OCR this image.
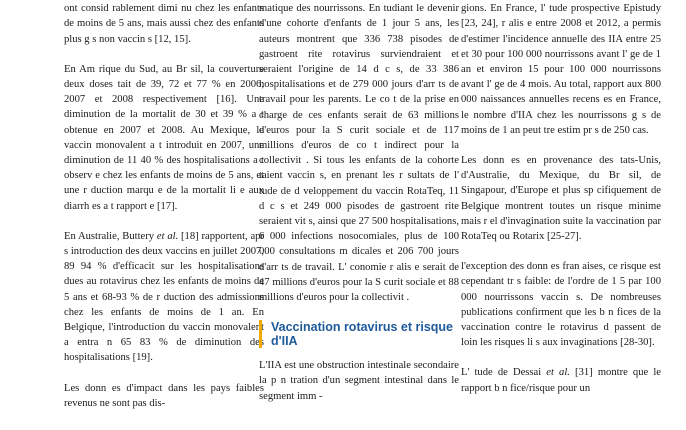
ont consid rablement dimi nu chez les enfants de moins de 5 ans, mais aussi chez des enfants plus g s non vaccin s [12, 15].

En Am rique du Sud, au Br sil, la couverture deux doses tait de 39, 72 et 77 % en 2006, 2007 et 2008 respectivement [16]. Une diminution de la mortalit de 30 et 39 % a t obtenue en 2007 et 2008. Au Mexique, le vaccin monovalent a t introduit en 2007, une diminution de 11 40 % des hospitalisations a t observ e chez les enfants de moins de 5 ans, et une r duction marqu e de la mortalit li e aux diarrh es a t rapport e [17].

En Australie, Buttery et al. [18] rapportent, apr s introduction des deux vaccins en juillet 2007, 89 94 % d'efficacit sur les hospitalisations dues au rotavirus chez les enfants de moins de 5 ans et 68-93 % de r duction des admissions chez les enfants de moins de 1 an. En Belgique, l'introduction du vaccin monovalent a entra n 65 83 % de diminution des hospitalisations [19].

Les donn es d'impact dans les pays faibles revenus ne sont pas dis-

matique des nourrissons. En tudiant le devenir d'une cohorte d'enfants de 1 jour 5 ans, les auteurs montrent que 336 738 pisodes de gastroent rite rotavirus surviendraient et seraient l'origine de 14 d c s, de 33 386 hospitalisations et de 279 000 jours d'arr ts de travail pour les parents. Le co t de la prise en charge de ces enfants serait de 63 millions d'euros pour la S curit sociale et de 117 millions d'euros de co t indirect pour la collectivit . Si tous les enfants de la cohorte taient vaccin s, en prenant les r sultats de l' tude de d veloppement du vaccin RotaTeq, 11 d c s et 249 000 pisodes de gastroent rite seraient vit s, ainsi que 27 500 hospitalisations, 6 000 infections nosocomiales, plus de 100 000 consultations m dicales et 206 700 jours d'arr ts de travail. L' conomie r alis e serait de 47 millions d'euros pour la S curit sociale et 88 millions d'euros pour la collectivit .

Vaccination rotavirus et risque d'IIA

L'IIA est une obstruction intestinale secondaire la p n tration d'un segment intestinal dans le segment imm -

gions. En France, l' tude prospective Epistudy [23, 24], r alis e entre 2008 et 2012, a permis d'estimer l'incidence annuelle des IIA entre 25 et 30 pour 100 000 nourrissons avant l' ge de 1 an et environ 15 pour 100 000 nourrissons avant l' ge de 4 mois. Au total, rapport aux 800 000 naissances annuelles recens es en France, le nombre d'IIA chez les nourrissons g s de moins de 1 an peut tre estim pr s de 250 cas.

Les donn es en provenance des tats-Unis, d'Australie, du Mexique, du Br sil, de Singapour, d'Europe et plus sp cifiquement de Belgique montrent toutes un risque minime mais r el d'invagination suite la vaccination par RotaTeq ou Rotarix [25-27].

l'exception des donn es fran aises, ce risque est cependant tr s faible: de l'ordre de 1 5 par 100 000 nourrissons vaccin s. De nombreuses publications confirment que les b n fices de la vaccination contre le rotavirus d passent de loin les risques li s aux invaginations [28-30].

L' tude de Dessai et al. [31] montre que le rapport b n fice/risque pour un
